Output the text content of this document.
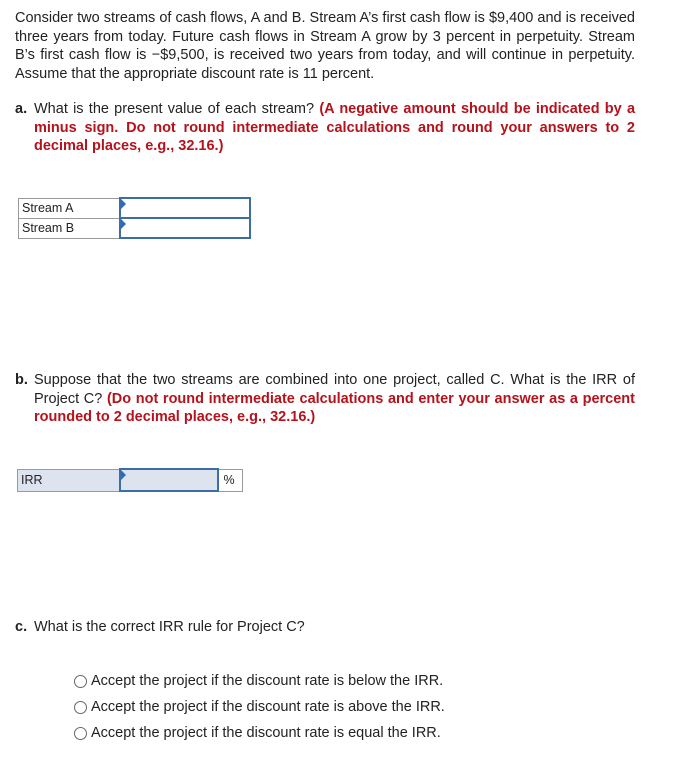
Consider two streams of cash flows, A and B. Stream A’s first cash flow is $9,400 and is received three years from today. Future cash flows in Stream A grow by 3 percent in perpetuity. Stream B’s first cash flow is −$9,500, is received two years from today, and will continue in perpetuity. Assume that the appropriate discount rate is 11 percent.
a. What is the present value of each stream? (A negative amount should be indicated by a minus sign. Do not round intermediate calculations and round your answers to 2 decimal places, e.g., 32.16.)
Stream A	
Stream B	
b. Suppose that the two streams are combined into one project, called C. What is the IRR of Project C? (Do not round intermediate calculations and enter your answer as a percent rounded to 2 decimal places, e.g., 32.16.)
IRR		%
c. What is the correct IRR rule for Project C?
Accept the project if the discount rate is below the IRR.
Accept the project if the discount rate is above the IRR.
Accept the project if the discount rate is equal the IRR.
